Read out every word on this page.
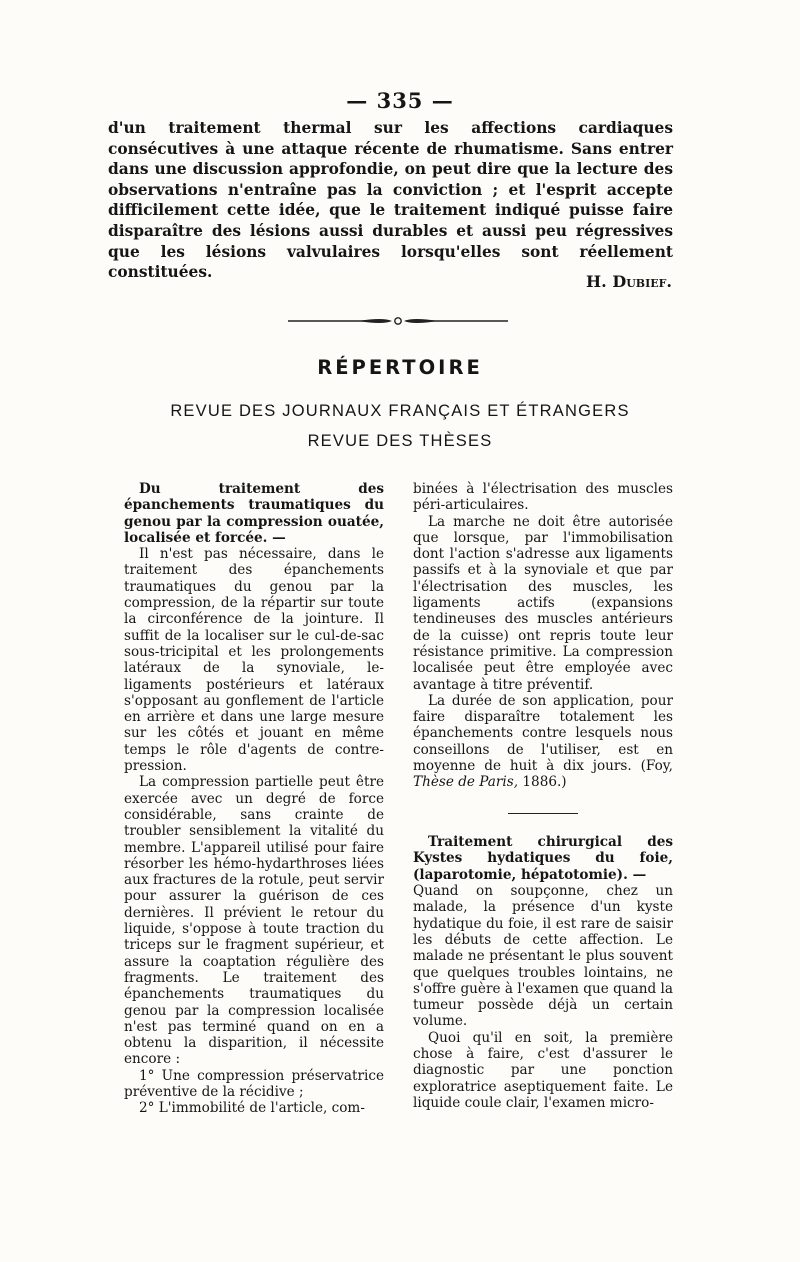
— 335 —

d'un traitement thermal sur les affections cardiaques consécutives à une attaque récente de rhumatisme. Sans entrer dans une discussion approfondie, on peut dire que la lecture des observations n'entraîne pas la conviction ; et l'esprit accepte difficilement cette idée, que le traitement indiqué puisse faire disparaître des lésions aussi durables et aussi peu régressives que les lésions valvulaires lorsqu'elles sont réellement constituées.	H. Dubief.
RÉPERTOIRE
REVUE DES JOURNAUX FRANÇAIS ET ÉTRANGERS
REVUE DES THÈSES

Du traitement des épanchements traumatiques du genou par la compression ouatée, localisée et forcée. —

Il n'est pas nécessaire, dans le traitement des épanchements traumatiques du genou par la compression, de la répartir sur toute la circonférence de la jointure. Il suffit de la localiser sur le cul-de-sac sous-tricipital et les prolongements latéraux de la synoviale, le- ligaments postérieurs et latéraux s'opposant au gonflement de l'article en arrière et dans une large mesure sur les côtés et jouant en même temps le rôle d'agents de contre-pression.

La compression partielle peut être exercée avec un degré de force considérable, sans crainte de troubler sensiblement la vitalité du membre. L'appareil utilisé pour faire résorber les hémo-hydarthroses liées aux fractures de la rotule, peut servir pour assurer la guérison de ces dernières. Il prévient le retour du liquide, s'oppose à toute traction du triceps sur le fragment supérieur, et assure la coaptation régulière des fragments. Le traitement des épanchements traumatiques du genou par la compression localisée n'est pas terminé quand on en a obtenu la disparition, il nécessite encore :

1° Une compression préservatrice préventive de la récidive ;

2° L'immobilité de l'article, com-

binées à l'électrisation des muscles péri-articulaires.

La marche ne doit être autorisée que lorsque, par l'immobilisation dont l'action s'adresse aux ligaments passifs et à la synoviale et que par l'électrisation des muscles, les ligaments actifs (expansions tendineuses des muscles antérieurs de la cuisse) ont repris toute leur résistance primitive. La compression localisée peut être employée avec avantage à titre préventif.

La durée de son application, pour faire disparaître totalement les épanchements contre lesquels nous conseillons de l'utiliser, est en moyenne de huit à dix jours. (Foy, Thèse de Paris, 1886.)

Traitement chirurgical des Kystes hydatiques du foie, (laparotomie, hépatotomie). —

Quand on soupçonne, chez un malade, la présence d'un kyste hydatique du foie, il est rare de saisir les débuts de cette affection. Le malade ne présentant le plus souvent que quelques troubles lointains, ne s'offre guère à l'examen que quand la tumeur possède déjà un certain volume.

Quoi qu'il en soit, la première chose à faire, c'est d'assurer le diagnostic par une ponction exploratrice aseptiquement faite. Le liquide coule clair, l'examen micro-
